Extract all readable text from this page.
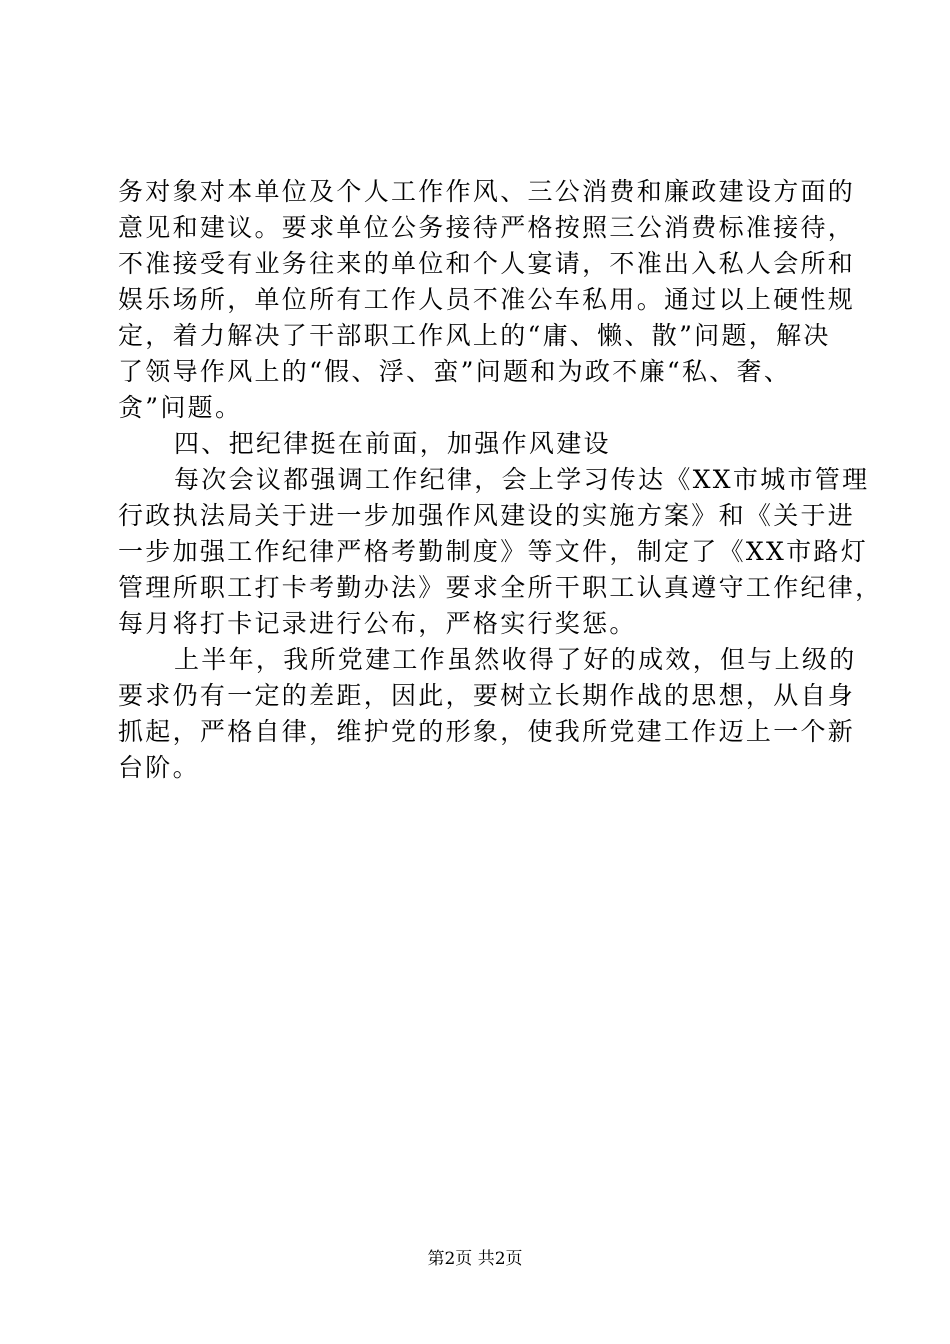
务对象对本单位及个人工作作风、三公消费和廉政建设方面的
意见和建议。要求单位公务接待严格按照三公消费标准接待，
不准接受有业务往来的单位和个人宴请，不准出入私人会所和
娱乐场所，单位所有工作人员不准公车私用。通过以上硬性规
定，着力解决了干部职工作风上的“庸、懒、散”问题，解决
了领导作风上的“假、浮、蛮”问题和为政不廉“私、奢、
贪”问题。

四、把纪律挺在前面，加强作风建设

每次会议都强调工作纪律，会上学习传达《XX市城市管理
行政执法局关于进一步加强作风建设的实施方案》和《关于进
一步加强工作纪律严格考勤制度》等文件，制定了《XX市路灯
管理所职工打卡考勤办法》要求全所干职工认真遵守工作纪律，
每月将打卡记录进行公布，严格实行奖惩。

上半年，我所党建工作虽然收得了好的成效，但与上级的
要求仍有一定的差距，因此，要树立长期作战的思想，从自身
抓起，严格自律，维护党的形象，使我所党建工作迈上一个新
台阶。

第2页 共2页
